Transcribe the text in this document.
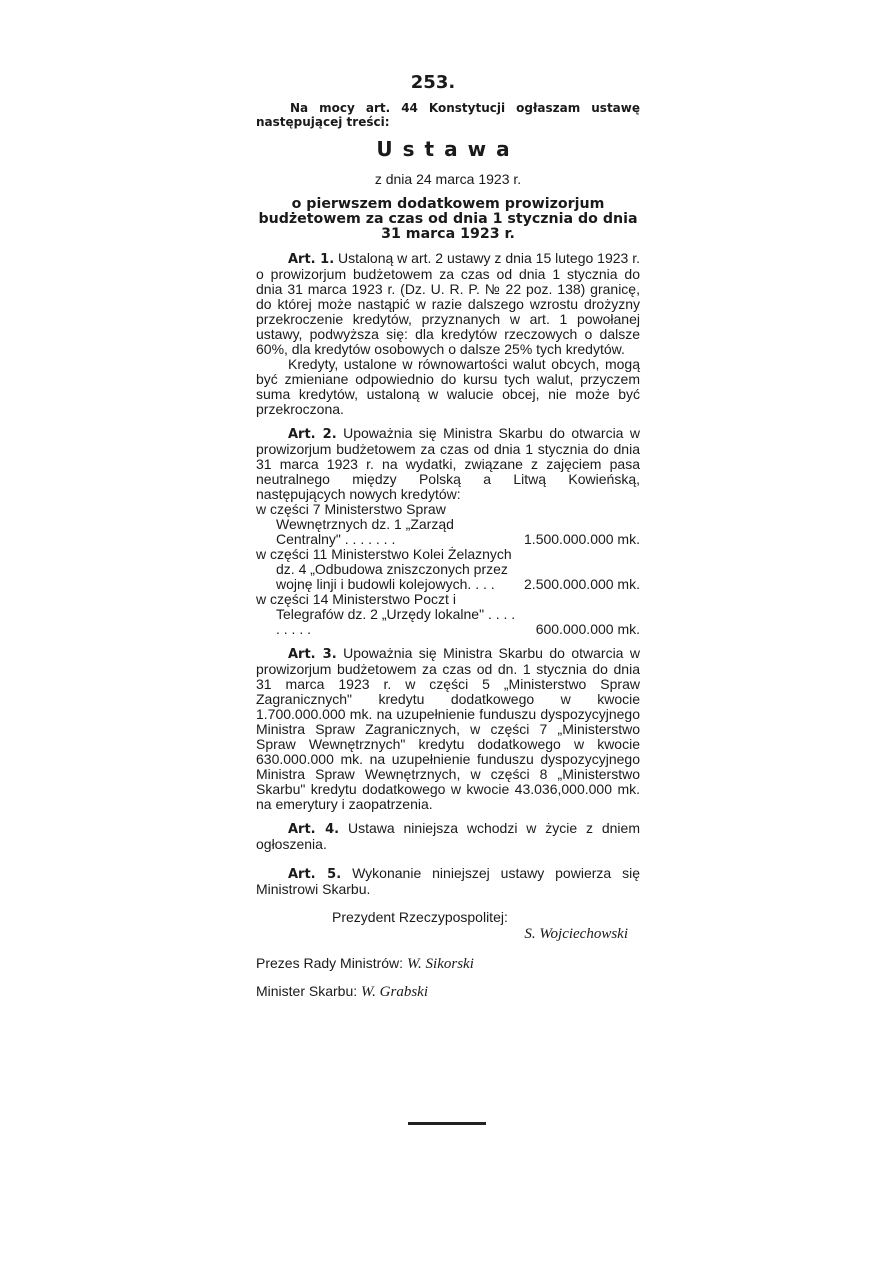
253.
Na mocy art. 44 Konstytucji ogłaszam ustawę następującej treści:
Ustawa
z dnia 24 marca 1923 r.
o pierwszem dodatkowem prowizorjum budżetowem za czas od dnia 1 stycznia do dnia 31 marca 1923 r.

Art. 1. Ustaloną w art. 2 ustawy z dnia 15 lutego 1923 r. o prowizorjum budżetowem za czas od dnia 1 stycznia do dnia 31 marca 1923 r. (Dz. U. R. P. № 22 poz. 138) granicę, do której może nastąpić w razie dalszego wzrostu drożyzny przekroczenie kredytów, przyznanych w art. 1 powołanej ustawy, podwyższa się: dla kredytów rzeczowych o dalsze 60%, dla kredytów osobowych o dalsze 25% tych kredytów.

Kredyty, ustalone w równowartości walut obcych, mogą być zmieniane odpowiednio do kursu tych walut, przyczem suma kredytów, ustaloną w walucie obcej, nie może być przekroczona.

Art. 2. Upoważnia się Ministra Skarbu do otwarcia w prowizorjum budżetowem za czas od dnia 1 stycznia do dnia 31 marca 1923 r. na wydatki, związane z zajęciem pasa neutralnego między Polską a Litwą Kowieńską, następujących nowych kredytów:

w części 7 Ministerstwo Spraw Wewnętrznych dz. 1 „Zarząd Centralny" . . . . . . .	1.500.000.000 mk.
w części 11 Ministerstwo Kolei Żelaznych dz. 4 „Odbudowa zniszczonych przez wojnę linji i budowli kolejowych. . . .	2.500.000.000 mk.
w części 14 Ministerstwo Poczt i Telegrafów dz. 2 „Urzędy lokalne" . . . . . . . . .	600.000.000 mk.

Art. 3. Upoważnia się Ministra Skarbu do otwarcia w prowizorjum budżetowem za czas od dn. 1 stycznia do dnia 31 marca 1923 r. w części 5 „Ministerstwo Spraw Zagranicznych" kredytu dodatkowego w kwocie 1.700.000.000 mk. na uzupełnienie funduszu dyspozycyjnego Ministra Spraw Zagranicznych, w części 7 „Ministerstwo Spraw Wewnętrznych" kredytu dodatkowego w kwocie 630.000.000 mk. na uzupełnienie funduszu dyspozycyjnego Ministra Spraw Wewnętrznych, w części 8 „Ministerstwo Skarbu" kredytu dodatkowego w kwocie 43.036,000.000 mk. na emerytury i zaopatrzenia.

Art. 4. Ustawa niniejsza wchodzi w życie z dniem ogłoszenia.

Art. 5. Wykonanie niniejszej ustawy powierza się Ministrowi Skarbu.

Prezydent Rzeczypospolitej:
S. Wojciechowski
Prezes Rady Ministrów: W. Sikorski
Minister Skarbu: W. Grabski
